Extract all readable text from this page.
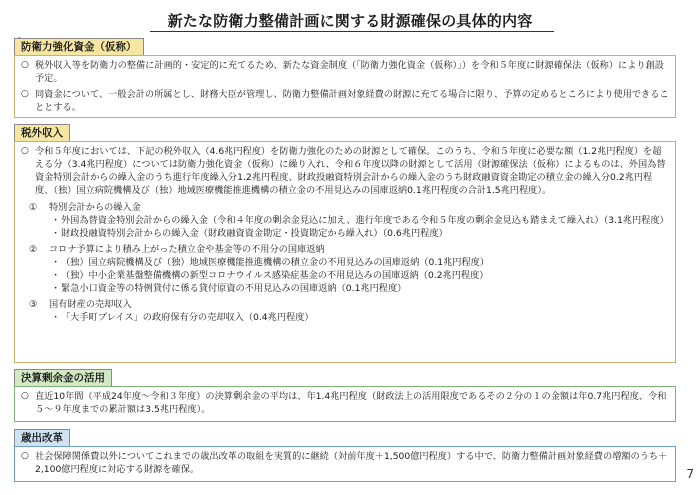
新たな防衛力整備計画に関する財源確保の具体的内容
防衛力強化資金（仮称）
○ 税外収入等を防衛力の整備に計画的・安定的に充てるため、新たな資金制度（「防衛力強化資金（仮称）」）を令和５年度に財源確保法（仮称）により創設予定。
○ 同資金について、一般会計の所属とし、財務大臣が管理し、防衛力整備計画対象経費の財源に充てる場合に限り、予算の定めるところにより使用できることとする。
税外収入
○ 令和５年度においては、下記の税外収入（4.6兆円程度）を防衛力強化のための財源として確保。このうち、令和５年度に必要な額（1.2兆円程度）を超える分（3.4兆円程度）については防衛力強化資金（仮称）に繰り入れ、令和６年度以降の財源として活用（財源確保法（仮称）によるものは、外国為替資金特別会計からの繰入金のうち進行年度繰入分1.2兆円程度、財政投融資特別会計からの繰入金のうち財政融資資金勘定の積立金の繰入分0.2兆円程度、（独）国立病院機構及び（独）地域医療機能推進機構の積立金の不用見込みの国庫返納0.1兆円程度の合計1.5兆円程度）。
① 特別会計からの繰入金
・ 外国為替資金特別会計からの繰入金（令和４年度の剰余金見込に加え、進行年度である令和５年度の剰余金見込も踏まえて繰入れ）（3.1兆円程度）
・ 財政投融資特別会計からの繰入金（財政融資資金勘定・投資勘定から繰入れ）（0.6兆円程度）
② コロナ予算により積み上がった積立金や基金等の不用分の国庫返納
・ （独）国立病院機構及び（独）地域医療機能推進機構の積立金の不用見込みの国庫返納（0.1兆円程度）
・ （独）中小企業基盤整備機構の新型コロナウイルス感染症基金の不用見込みの国庫返納（0.2兆円程度）
・ 緊急小口資金等の特例貸付に係る貸付原資の不用見込みの国庫返納（0.1兆円程度）
③ 国有財産の売却収入
・ 「大手町プレイス」の政府保有分の売却収入（0.4兆円程度）
決算剰余金の活用
○ 直近10年間（平成24年度～令和３年度）の決算剰余金の平均は、年1.4兆円程度（財政法上の活用限度であるその２分の１の金額は年0.7兆円程度、令和５～９年度までの累計額は3.5兆円程度）。
歳出改革
○ 社会保障関係費以外についてこれまでの歳出改革の取組を実質的に継続（対前年度＋1,500億円程度）する中で、防衛力整備計画対象経費の増額のうち＋2,100億円程度に対応する財源を確保。	7
